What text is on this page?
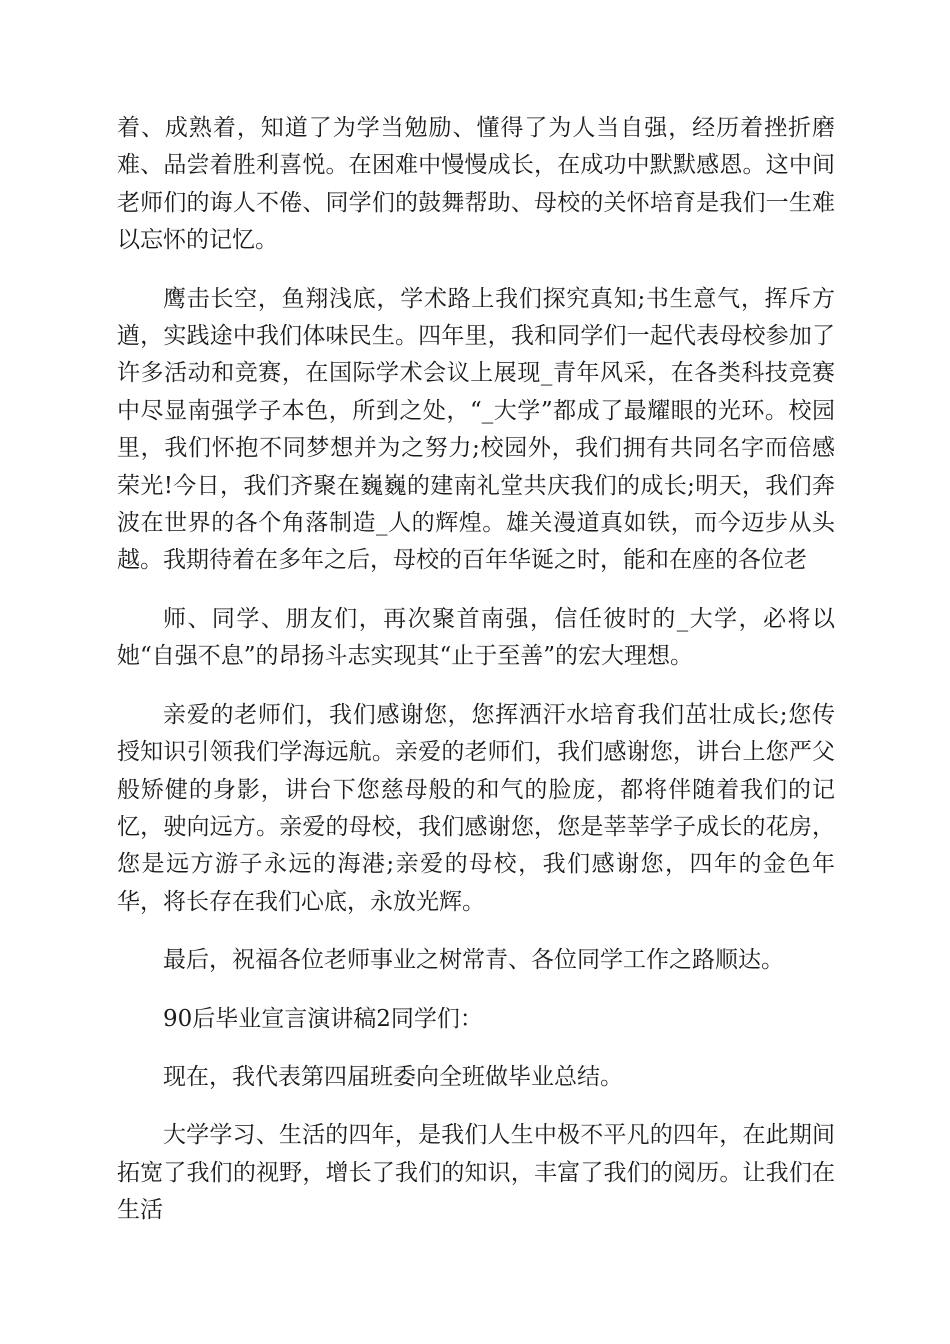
着、成熟着，知道了为学当勉励、懂得了为人当自强，经历着挫折磨难、品尝着胜利喜悦。在困难中慢慢成长，在成功中默默感恩。这中间老师们的诲人不倦、同学们的鼓舞帮助、母校的关怀培育是我们一生难以忘怀的记忆。

鹰击长空，鱼翔浅底，学术路上我们探究真知;书生意气，挥斥方遒，实践途中我们体味民生。四年里，我和同学们一起代表母校参加了许多活动和竞赛，在国际学术会议上展现_青年风采，在各类科技竞赛中尽显南强学子本色，所到之处，“_大学”都成了最耀眼的光环。校园里，我们怀抱不同梦想并为之努力;校园外，我们拥有共同名字而倍感荣光!今日，我们齐聚在巍巍的建南礼堂共庆我们的成长;明天，我们奔波在世界的各个角落制造_人的辉煌。雄关漫道真如铁，而今迈步从头越。我期待着在多年之后，母校的百年华诞之时，能和在座的各位老

师、同学、朋友们，再次聚首南强，信任彼时的_大学，必将以她“自强不息”的昂扬斗志实现其“止于至善”的宏大理想。

亲爱的老师们，我们感谢您，您挥洒汗水培育我们茁壮成长;您传授知识引领我们学海远航。亲爱的老师们，我们感谢您，讲台上您严父般矫健的身影，讲台下您慈母般的和气的脸庞，都将伴随着我们的记忆，驶向远方。亲爱的母校，我们感谢您，您是莘莘学子成长的花房，您是远方游子永远的海港;亲爱的母校，我们感谢您，四年的金色年华，将长存在我们心底，永放光辉。

最后，祝福各位老师事业之树常青、各位同学工作之路顺达。

90后毕业宣言演讲稿2同学们：

现在，我代表第四届班委向全班做毕业总结。

大学学习、生活的四年，是我们人生中极不平凡的四年，在此期间拓宽了我们的视野，增长了我们的知识，丰富了我们的阅历。让我们在生活
